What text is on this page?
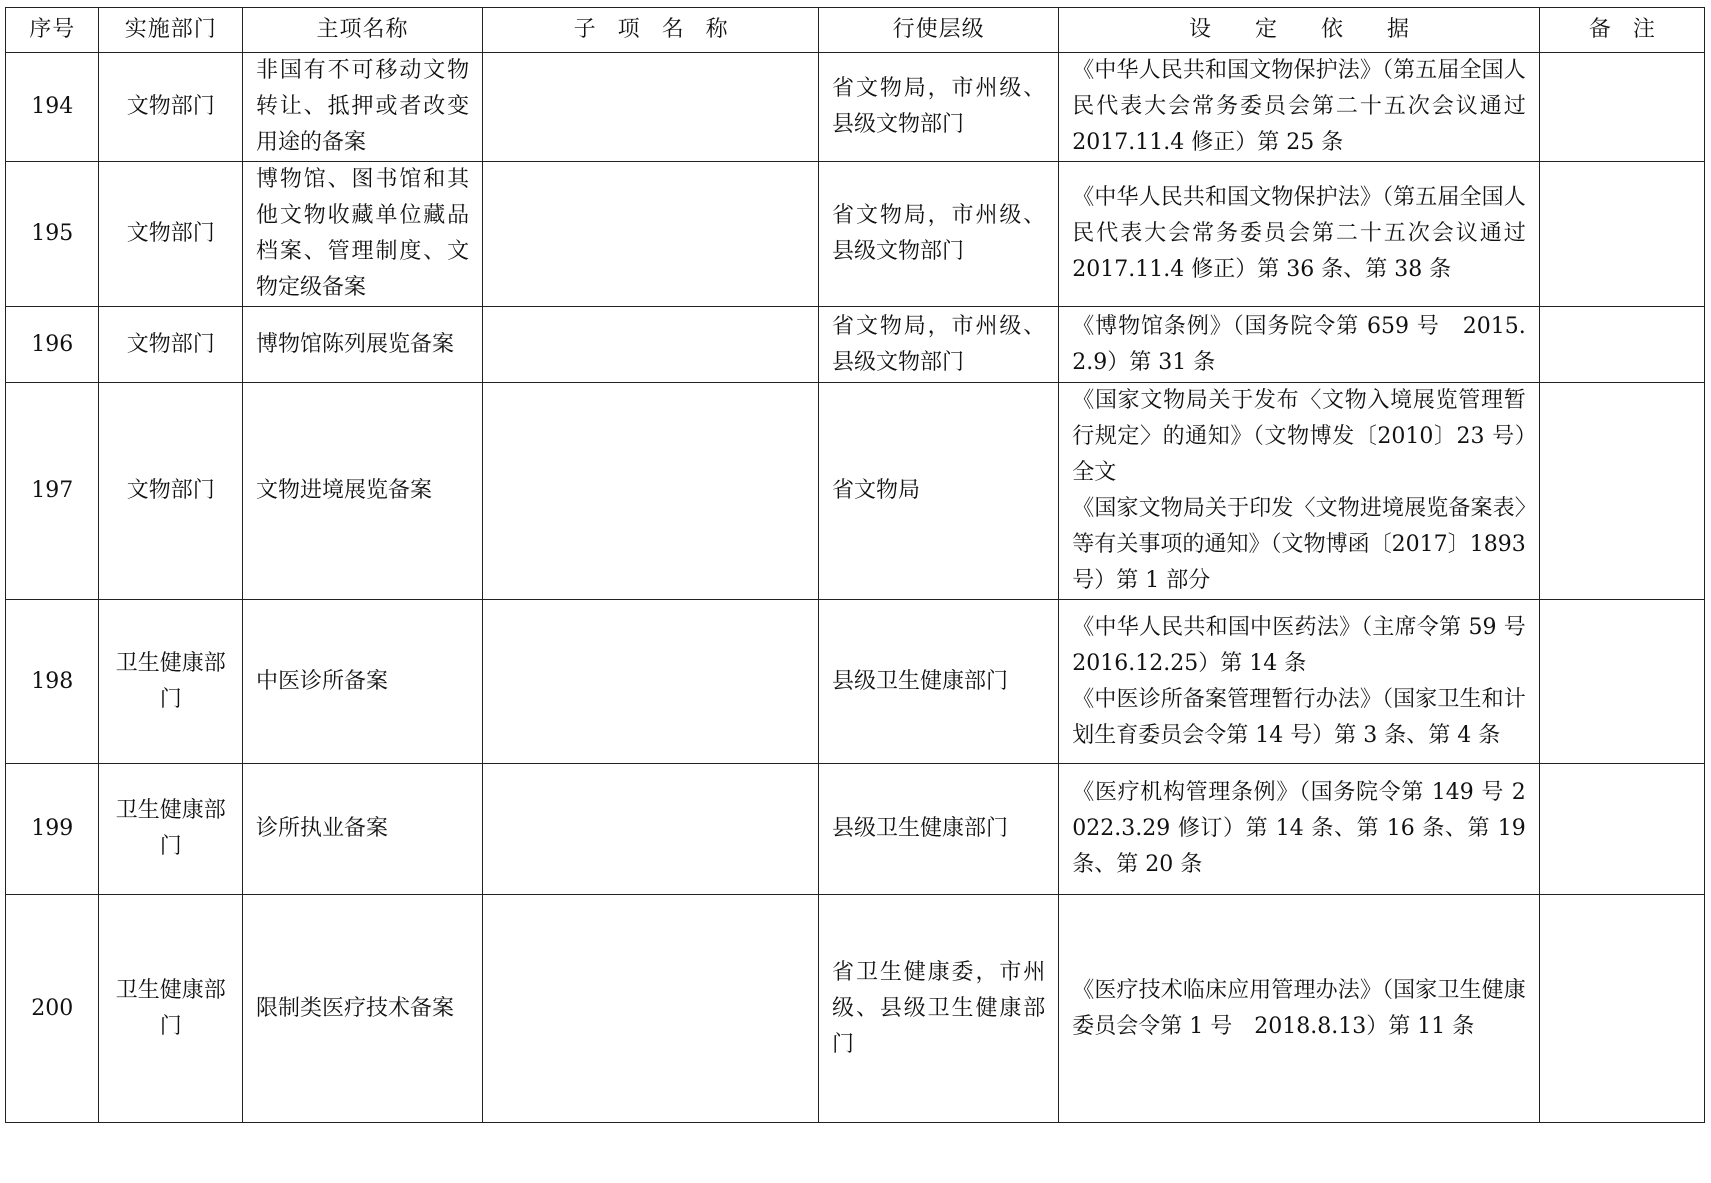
序号	实施部门	主项名称	子　项　名　称	行使层级	设　　定　　依　　据	备　注
194	文物部门	非国有不可移动文物转让、抵押或者改变用途的备案		省文物局，市州级、县级文物部门	《中华人民共和国文物保护法》（第五届全国人民代表大会常务委员会第二十五次会议通过　2017.11.4 修正）第 25 条	
195	文物部门	博物馆、图书馆和其他文物收藏单位藏品档案、管理制度、文物定级备案		省文物局，市州级、县级文物部门	《中华人民共和国文物保护法》（第五届全国人民代表大会常务委员会第二十五次会议通过　2017.11.4 修正）第 36 条、第 38 条	
196	文物部门	博物馆陈列展览备案		省文物局，市州级、县级文物部门	《博物馆条例》（国务院令第 659 号　2015.2.9）第 31 条	
197	文物部门	文物进境展览备案		省文物局	《国家文物局关于发布〈文物入境展览管理暂行规定〉的通知》（文物博发〔2010〕23 号）全文
《国家文物局关于印发〈文物进境展览备案表〉等有关事项的通知》（文物博函〔2017〕1893 号）第 1 部分	

198	卫生健康部门	中医诊所备案		县级卫生健康部门	《中华人民共和国中医药法》（主席令第 59 号 2016.12.25）第 14 条
《中医诊所备案管理暂行办法》（国家卫生和计划生育委员会令第 14 号）第 3 条、第 4 条	

199	卫生健康部门	诊所执业备案		县级卫生健康部门	《医疗机构管理条例》（国务院令第 149 号 2022.3.29 修订）第 14 条、第 16 条、第 19 条、第 20 条	
200	卫生健康部门	限制类医疗技术备案		省卫生健康委，市州级、县级卫生健康部门	《医疗技术临床应用管理办法》（国家卫生健康委员会令第 1 号　2018.8.13）第 11 条	
